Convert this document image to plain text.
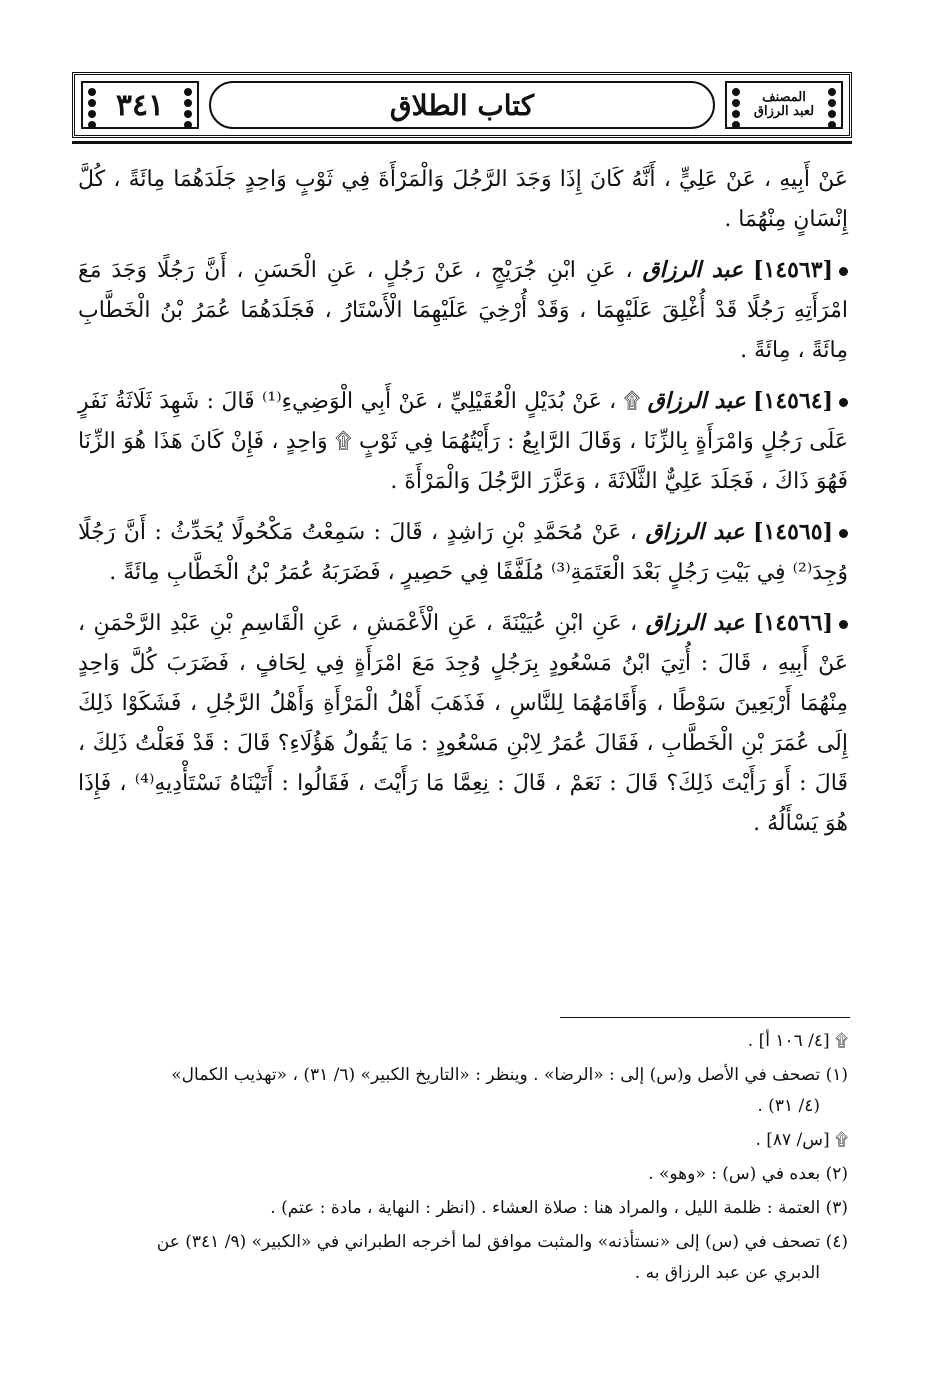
٣٤١	كتاب الطلاق	المصنف
لعبد الرزاق

عَنْ أَبِيهِ ، عَنْ عَلِيٍّ ، أَنَّهُ كَانَ إِذَا وَجَدَ الرَّجُلَ وَالْمَرْأَةَ فِي ثَوْبٍ وَاحِدٍ جَلَدَهُمَا مِائَةً ، كُلَّ إِنْسَانٍ مِنْهُمَا .

[١٤٥٦٣] عبد الرزاق ، عَنِ ابْنِ جُرَيْجٍ ، عَنْ رَجُلٍ ، عَنِ الْحَسَنِ ، أَنَّ رَجُلًا وَجَدَ مَعَ امْرَأَتِهِ رَجُلًا قَدْ أُغْلِقَ عَلَيْهِمَا ، وَقَدْ أُرْخِيَ عَلَيْهِمَا الْأَسْتَارُ ، فَجَلَدَهُمَا عُمَرُ بْنُ الْخَطَّابِ مِائَةً ، مِائَةً .

[١٤٥٦٤] عبد الرزاق ۩ ، عَنْ بُدَيْلٍ الْعُقَيْلِيِّ ، عَنْ أَبِي الْوَضِيءِ⁽¹⁾ قَالَ : شَهِدَ ثَلَاثَةُ نَفَرٍ عَلَى رَجُلٍ وَامْرَأَةٍ بِالزِّنَا ، وَقَالَ الرَّابِعُ : رَأَيْتُهُمَا فِي ثَوْبٍ ۩ وَاحِدٍ ، فَإِنْ كَانَ هَذَا هُوَ الزِّنَا فَهُوَ ذَاكَ ، فَجَلَدَ عَلِيٌّ الثَّلَاثَةَ ، وَعَزَّرَ الرَّجُلَ وَالْمَرْأَةَ .

[١٤٥٦٥] عبد الرزاق ، عَنْ مُحَمَّدِ بْنِ رَاشِدٍ ، قَالَ : سَمِعْتُ مَكْحُولًا يُحَدِّثُ : أَنَّ رَجُلًا وُجِدَ⁽²⁾ فِي بَيْتِ رَجُلٍ بَعْدَ الْعَتَمَةِ⁽³⁾ مُلَفَّفًا فِي حَصِيرٍ ، فَضَرَبَهُ عُمَرُ بْنُ الْخَطَّابِ مِائَةً .

[١٤٥٦٦] عبد الرزاق ، عَنِ ابْنِ عُيَيْنَةَ ، عَنِ الْأَعْمَشِ ، عَنِ الْقَاسِمِ بْنِ عَبْدِ الرَّحْمَنِ ، عَنْ أَبِيهِ ، قَالَ : أُتِيَ ابْنُ مَسْعُودٍ بِرَجُلٍ وُجِدَ مَعَ امْرَأَةٍ فِي لِحَافٍ ، فَضَرَبَ كُلَّ وَاحِدٍ مِنْهُمَا أَرْبَعِينَ سَوْطًا ، وَأَقَامَهُمَا لِلنَّاسِ ، فَذَهَبَ أَهْلُ الْمَرْأَةِ وَأَهْلُ الرَّجُلِ ، فَشَكَوْا ذَلِكَ إِلَى عُمَرَ بْنِ الْخَطَّابِ ، فَقَالَ عُمَرُ لِابْنِ مَسْعُودٍ : مَا يَقُولُ هَؤُلَاءِ؟ قَالَ : قَدْ فَعَلْتُ ذَلِكَ ، قَالَ : أَوَ رَأَيْتَ ذَلِكَ؟ قَالَ : نَعَمْ ، قَالَ : نِعِمَّا مَا رَأَيْتَ ، فَقَالُوا : أَتَيْنَاهُ نَسْتَأْدِيهِ⁽⁴⁾ ، فَإِذَا هُوَ يَسْأَلُهُ .

۩ [٤/ ١٠٦ أ] .
(١) تصحف في الأصل و(س) إلى : «الرضا» . وينظر : «التاريخ الكبير» (٦/ ٣١) ، «تهذيب الكمال»
(٤/ ٣١) .
۩ [س/ ٨٧] .
(٢) بعده في (س) : «وهو» .
(٣) العتمة : ظلمة الليل ، والمراد هنا : صلاة العشاء . (انظر : النهاية ، مادة : عتم) .
(٤) تصحف في (س) إلى «نستأذنه» والمثبت موافق لما أخرجه الطبراني في «الكبير» (٩/ ٣٤١) عن
الدبري عن عبد الرزاق به .
